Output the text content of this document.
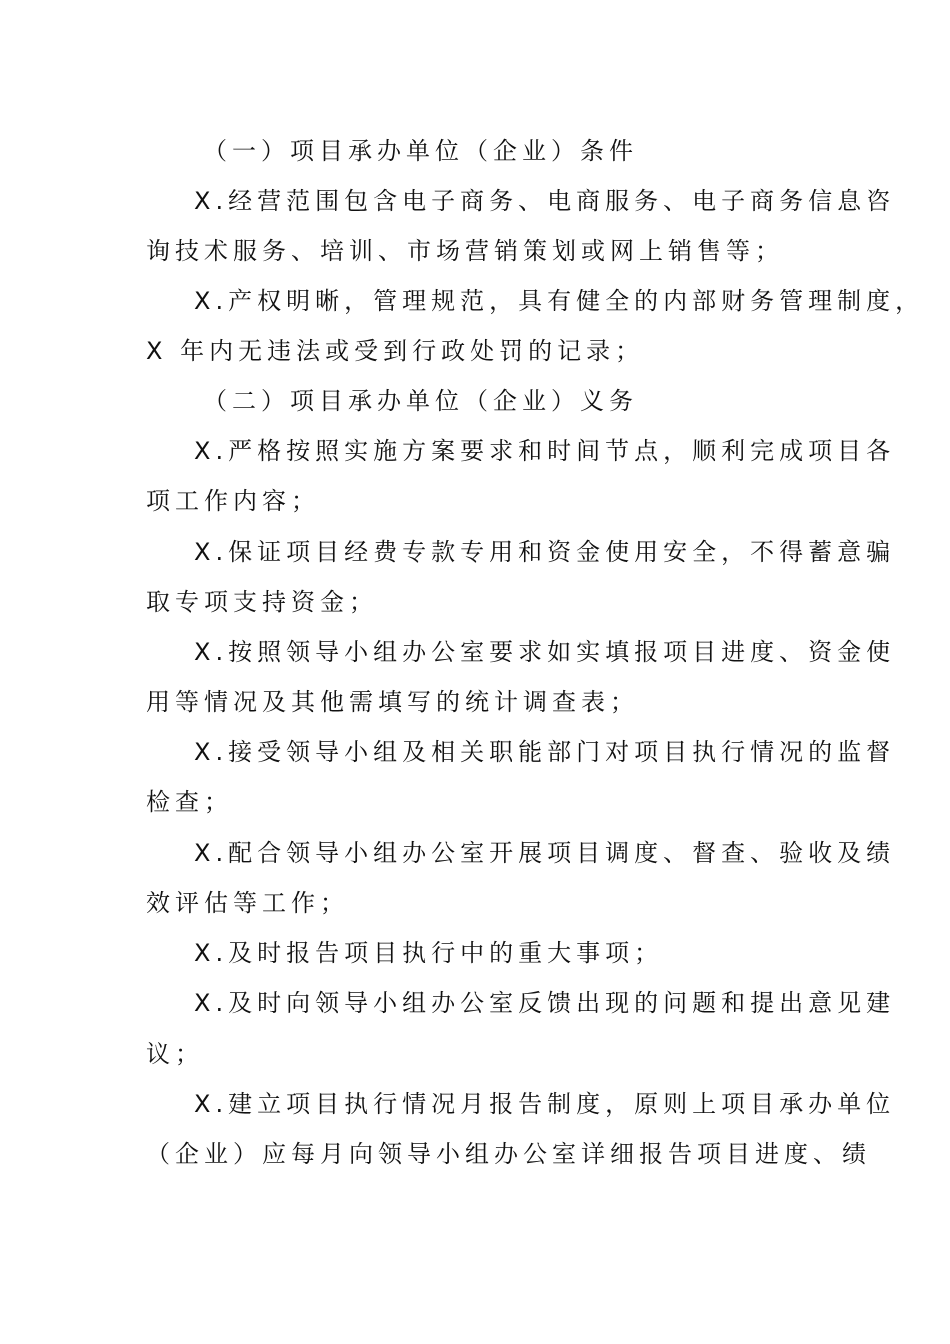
（一）项目承办单位（企业）条件
X.经营范围包含电子商务、电商服务、电子商务信息咨
询技术服务、培训、市场营销策划或网上销售等；
X.产权明晰，管理规范，具有健全的内部财务管理制度，
X 年内无违法或受到行政处罚的记录；
（二）项目承办单位（企业）义务
X.严格按照实施方案要求和时间节点，顺利完成项目各
项工作内容；
X.保证项目经费专款专用和资金使用安全，不得蓄意骗
取专项支持资金；
X.按照领导小组办公室要求如实填报项目进度、资金使
用等情况及其他需填写的统计调查表；
X.接受领导小组及相关职能部门对项目执行情况的监督
检查；
X.配合领导小组办公室开展项目调度、督查、验收及绩
效评估等工作；
X.及时报告项目执行中的重大事项；
X.及时向领导小组办公室反馈出现的问题和提出意见建
议；
X.建立项目执行情况月报告制度，原则上项目承办单位
（企业）应每月向领导小组办公室详细报告项目进度、绩
